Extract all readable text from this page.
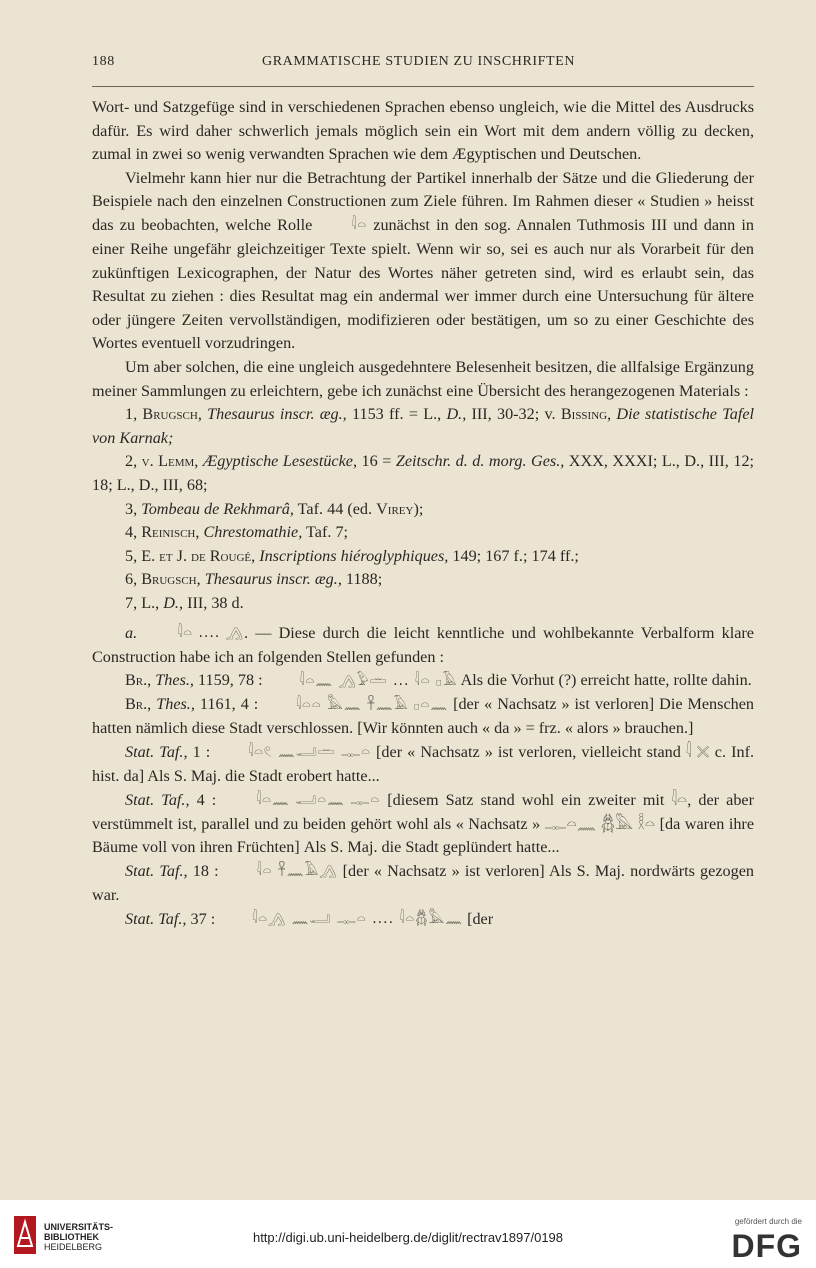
188	GRAMMATISCHE STUDIEN ZU INSCHRIFTEN

Wort- und Satzgefüge sind in verschiedenen Sprachen ebenso ungleich, wie die Mittel des Ausdrucks dafür. Es wird daher schwerlich jemals möglich sein ein Wort mit dem andern völlig zu decken, zumal in zwei so wenig verwandten Sprachen wie dem Ægyptischen und Deutschen.

Vielmehr kann hier nur die Betrachtung der Partikel innerhalb der Sätze und die Gliederung der Beispiele nach den einzelnen Constructionen zum Ziele führen. Im Rahmen dieser « Studien » heisst das zu beobachten, welche Rolle	𓇋𓏏 zunächst in den sog. Annalen Tuthmosis III und dann in einer Reihe ungefähr gleichzeitiger Texte spielt. Wenn wir so, sei es auch nur als Vorarbeit für den zukünftigen Lexicographen, der Natur des Wortes näher getreten sind, wird es erlaubt sein, das Resultat zu ziehen : dies Resultat mag ein andermal wer immer durch eine Untersuchung für ältere oder jüngere Zeiten vervollständigen, modifizieren oder bestätigen, um so zu einer Geschichte des Wortes eventuell vorzudringen.

Um aber solchen, die eine ungleich ausgedehntere Belesenheit besitzen, die allfalsige Ergänzung meiner Sammlungen zu erleichtern, gebe ich zunächst eine Übersicht des herangezogenen Materials :

1, Brugsch, Thesaurus inscr. æg., 1153 ff. = L., D., III, 30-32; v. Bissing, Die statistische Tafel von Karnak;

2, v. Lemm, Ægyptische Lesestücke, 16 = Zeitschr. d. d. morg. Ges., XXX, XXXI; L., D., III, 12; 18; L., D., III, 68;

3, Tombeau de Rekhmarâ, Taf. 44 (ed. Virey);

4, Reinisch, Chrestomathie, Taf. 7;

5, E. et J. de Rougé, Inscriptions hiéroglyphiques, 149; 167 f.; 174 ff.;

6, Brugsch, Thesaurus inscr. æg., 1188;

7, L., D., III, 38 d.

a.	𓇋𓏏 .... 𓂻. — Diese durch die leicht kenntliche und wohlbekannte Verbalform klare Construction habe ich an folgenden Stellen gefunden :

Br., Thes., 1159, 78 :	𓇋𓏏𓈖 𓂻𓅱𓏛 ... 𓇋𓏏 𓊪𓄿 Als die Vorhut (?) erreicht hatte, rollte dahin.

Br., Thes., 1161, 4 :	𓇋𓏏𓏏 𓅓𓈖 𓋹𓈖𓄿 𓊪𓏏𓈖 [der « Nachsatz » ist verloren] Die Menschen hatten nämlich diese Stadt verschlossen. [Wir könnten auch « da » = frz. « alors » brauchen.]

Stat. Taf., 1 :	𓇋𓏏𓏲 𓈖𓂝𓏛 𓊃𓏏 [der « Nachsatz » ist verloren, vielleicht stand 𓇋 𓏴 c. Inf. hist. da] Als S. Maj. die Stadt erobert hatte...

Stat. Taf., 4 :	𓇋𓏏𓈖 𓂝𓏏𓈖 𓊃𓏏 [diesem Satz stand wohl ein zweiter mit 𓇋𓏏, der aber verstümmelt ist, parallel und zu beiden gehört wohl als « Nachsatz » 𓊃𓏏𓈖 𓆣𓅓 𓎛𓏏 [da waren ihre Bäume voll von ihren Früchten] Als S. Maj. die Stadt geplündert hatte...

Stat. Taf., 18 :	𓇋𓏏 𓋹𓈖𓄿𓂻 [der « Nachsatz » ist verloren] Als S. Maj. nordwärts gezogen war.

Stat. Taf., 37 :	𓇋𓏏𓂻 𓈖𓂝 𓊃𓏏 .... 𓇋𓏏𓆣𓅓𓈖 [der

UNIVERSITÄTS-
BIBLIOTHEK
HEIDELBERG
http://digi.ub.uni-heidelberg.de/diglit/rectrav1897/0198
gefördert durch die
DFG
